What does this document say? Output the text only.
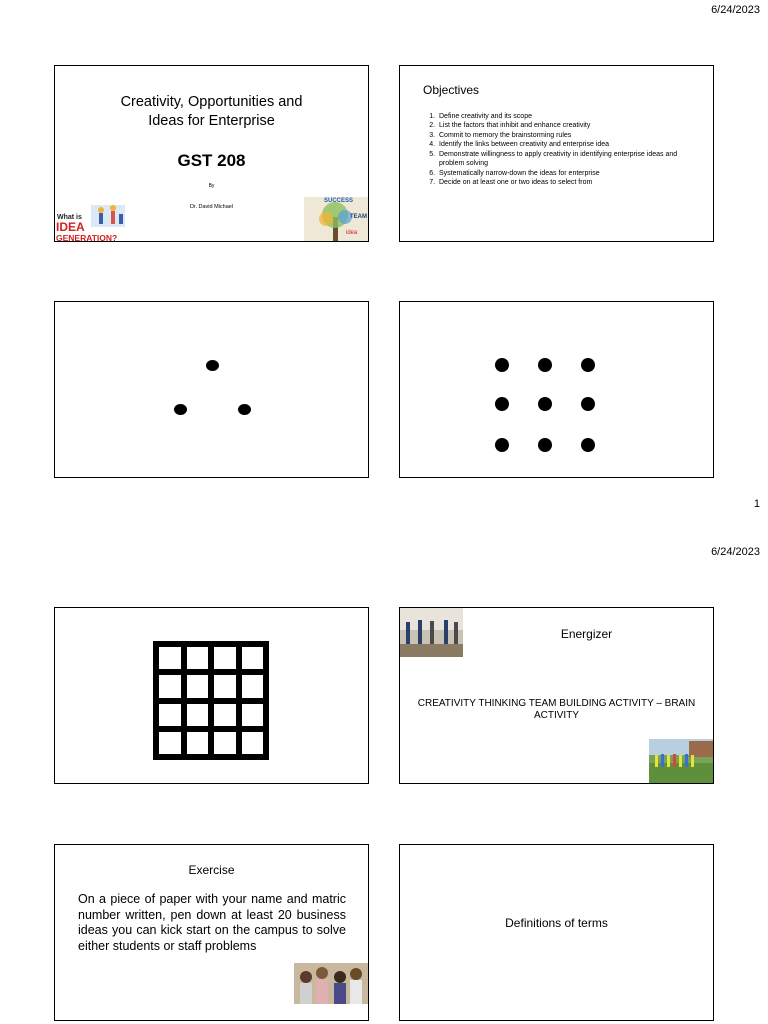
6/24/2023
Creativity, Opportunities and
Ideas for Enterprise
GST 208
By
Dr. David Michael
What is
IDEA
GENERATION?
SUCCESS
TEAM
idea
Objectives
1. Define creativity and its scope
2. List the factors that inhibit and enhance creativity
3. Commit to memory the brainstorming rules
4. Identify the links between creativity and enterprise idea
5. Demonstrate willingness to apply creativity in identifying enterprise ideas and problem solving
6. Systematically narrow-down the ideas for enterprise
7. Decide on at least one or two ideas to select from
1
6/24/2023
Energizer
CREATIVITY THINKING TEAM BUILDING ACTIVITY – BRAIN ACTIVITY
Exercise
On a piece of paper with your name and matric number written, pen down at least 20 business ideas you can kick start on the campus to solve either students or staff problems
Definitions of terms
